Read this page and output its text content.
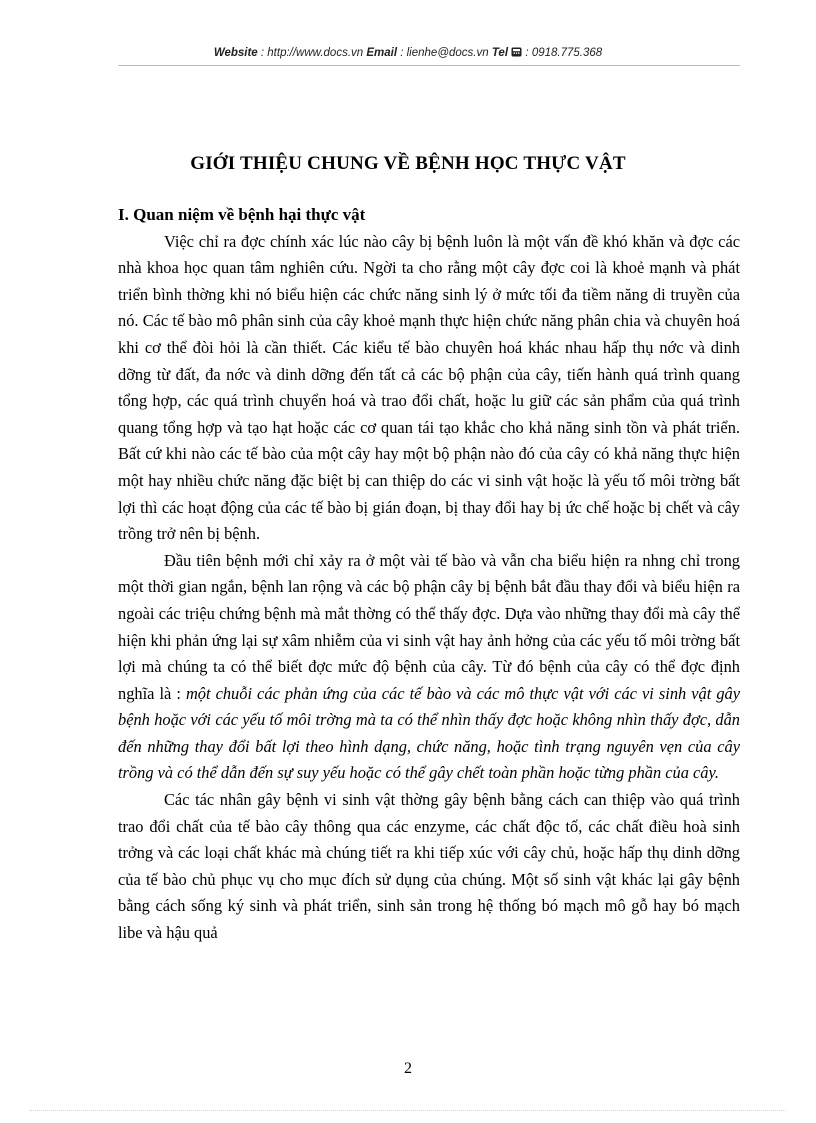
Website : http://www.docs.vn Email : lienhe@docs.vn Tel  : 0918.775.368
GIỚI THIỆU CHUNG VỀ BỆNH HỌC THỰC VẬT

I. Quan niệm về bệnh hại thực vật

Việc chỉ ra đợc chính xác lúc nào cây bị bệnh luôn là một vấn đề khó khăn và đợc các nhà khoa học quan tâm nghiên cứu. Ngời ta cho rằng một cây đợc coi là khoẻ mạnh và phát triển bình thờng khi nó biểu hiện các chức năng sinh lý ở mức tối đa tiềm năng di truyền của nó. Các tế bào mô phân sinh của cây khoẻ mạnh thực hiện chức năng phân chia và chuyên hoá khi cơ thể đòi hỏi là cần thiết. Các kiểu tế bào chuyên hoá khác nhau hấp thụ nớc và dinh dỡng từ đất, đa nớc và dinh dỡng đến tất cả các bộ phận của cây, tiến hành quá trình quang tổng hợp, các quá trình chuyển hoá và trao đổi chất, hoặc lu giữ các sản phẩm của quá trình quang tổng hợp và tạo hạt hoặc các cơ quan tái tạo khắc cho khả năng sinh tồn và phát triển. Bất cứ khi nào các tế bào của một cây hay một bộ phận nào đó của cây có khả năng thực hiện một hay nhiều chức năng đặc biệt bị can thiệp do các vi sinh vật hoặc là yếu tố môi trờng bất lợi thì các hoạt động của các tế bào bị gián đoạn, bị thay đổi hay bị ức chế hoặc bị chết và cây trồng trở nên bị bệnh.

Đầu tiên bệnh mới chỉ xảy ra ở một vài tế bào và vẫn cha biểu hiện ra nhng chỉ trong một thời gian ngắn, bệnh lan rộng và các bộ phận cây bị bệnh bắt đầu thay đổi và biểu hiện ra ngoài các triệu chứng bệnh mà mắt thờng có thể thấy đợc. Dựa vào những thay đổi mà cây thể hiện khi phản ứng lại sự xâm nhiễm của vi sinh vật hay ảnh hởng của các yếu tố môi trờng bất lợi mà chúng ta có thể biết đợc mức độ bệnh của cây. Từ đó bệnh của cây có thể đợc định nghĩa là : một chuỗi các phản ứng của các tế bào và các mô thực vật với các vi sinh vật gây bệnh hoặc với các yếu tố môi trờng mà ta có thể nhìn thấy đợc hoặc không nhìn thấy đợc, dẫn đến những thay đổi bất lợi theo hình dạng, chức năng, hoặc tình trạng nguyên vẹn của cây trồng và có thể dẫn đến sự suy yếu hoặc có thể gây chết toàn phần hoặc từng phần của cây.

Các tác nhân gây bệnh vi sinh vật thờng gây bệnh bằng cách can thiệp vào quá trình trao đổi chất của tế bào cây thông qua các enzyme, các chất độc tố, các chất điều hoà sinh trởng và các loại chất khác mà chúng tiết ra khi tiếp xúc với cây chủ, hoặc hấp thụ dinh dỡng của tế bào chủ phục vụ cho mục đích sử dụng của chúng. Một số sinh vật khác lại gây bệnh bằng cách sống ký sinh và phát triển, sinh sản trong hệ thống bó mạch mô gỗ hay bó mạch libe và hậu quả

2
